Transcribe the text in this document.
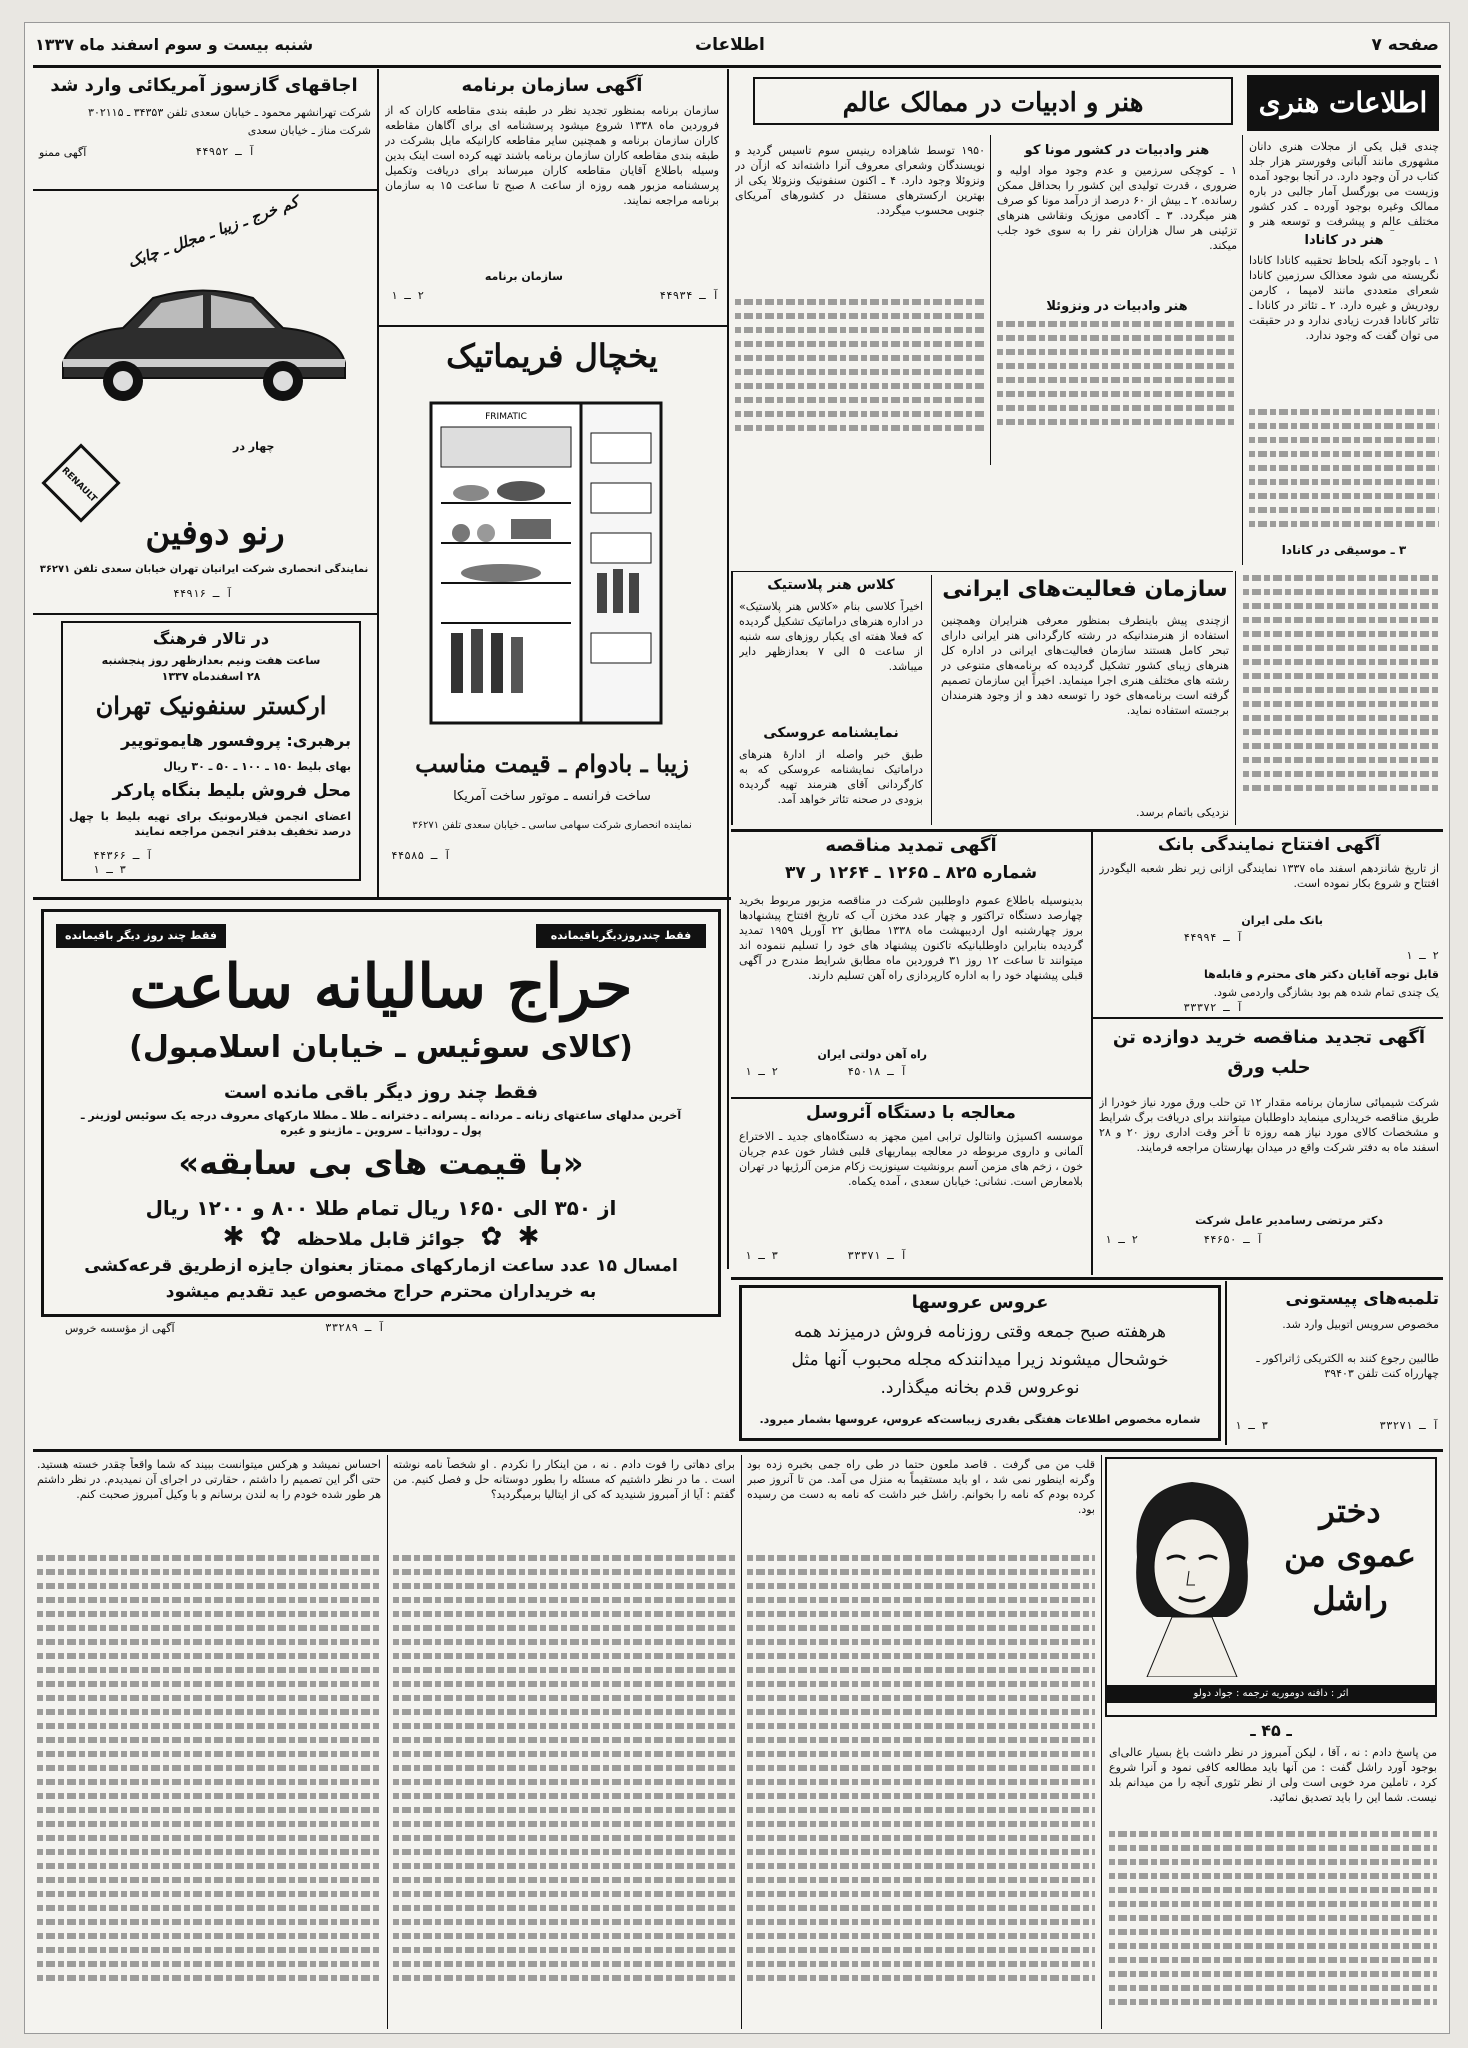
صفحه ۷
اطلاعات
شنبه بیست و سوم اسفند ماه ۱۳۳۷
اطلاعات هنری
هنر و ادبیات در ممالک عالم
چندی قبل یکی از مجلات هنری دانان مشهوری مانند آلبانی وفورستر هزار جلد کتاب در آن وجود دارد. در آنجا بوجود آمده وزیست می بورگسل آمار جالبی در باره ممالک وغیره بوجود آورده ـ کدر کشور مختلف عالم و پیشرفت و توسعه هنر و
هنر در کانادا
۱ ـ باوجود آنکه بلحاظ تحقیبه کانادا کانادا نگریسته می شود معذالک سرزمین کانادا شعرای متعددی مانند لامپما ، کارمن رودریش و غیره دارد. ۲ ـ تئاتر در کانادا ـ تئاتر کانادا قدرت زیادی ندارد و در حقیقت می توان گفت که وجود ندارد.
۳ ـ موسیقی در کانادا
هنر وادبیات در کشور مونا کو
۱ ـ کوچکی سرزمین و عدم وجود مواد اولیه و ضروری ، قدرت تولیدی این کشور را بحداقل ممکن رسانده. ۲ ـ بیش از ۶۰ درصد از درآمد مونا کو صرف هنر میگردد. ۳ ـ آکادمی موزیک ونقاشی هنرهای تزئینی هر سال هزاران نفر را به سوی خود جلب میکند.
هنر وادبیات در ونزوئلا
۱۹۵۰ توسط شاهزاده رینیس سوم تاسیس گردید و نویسندگان وشعرای معروف آنرا داشته‌اند که ازآن در ونزوئلا وجود دارد. ۴ ـ اکنون سنفونیک ونزوئلا یکی از بهترین ارکسترهای مستقل در کشورهای آمریکای جنوبی محسوب میگردد.
سازمان فعالیت‌های ایرانی
ازچندی پیش باینطرف بمنظور معرفی هنرایران وهمچنین استفاده از هنرمندانیکه در رشته کارگردانی هنر ایرانی دارای تبحر کامل هستند سازمان فعالیت‌های ایرانی در اداره کل هنرهای زیبای کشور تشکیل گردیده که برنامه‌های متنوعی در رشته های مختلف هنری اجرا مینماید. اخیراً این سازمان تصمیم گرفته است برنامه‌های خود را توسعه دهد و از وجود هنرمندان برجسته استفاده نماید.
نزدیکی باتمام برسد.
کلاس هنر پلاستیک
اخیراً کلاسی بنام «کلاس هنر پلاستیک» در اداره هنرهای دراماتیک تشکیل گردیده که فعلا هفته ای یکبار روزهای سه شنبه از ساعت ۵ الی ۷ بعدازظهر دایر میباشد.
نمایشنامه عروسکی
طبق خبر واصله از ادارهٔ هنرهای دراماتیک نمایشنامه عروسکی که به کارگردانی آقای هنرمند تهیه گردیده بزودی در صحنه تئاتر خواهد آمد.
آگهی سازمان برنامه
سازمان برنامه بمنظور تجدید نظر در طبقه بندی مقاطعه کاران که از فروردین ماه ۱۳۳۸ شروع میشود پرسشنامه ای برای آگاهان مقاطعه کاران سازمان برنامه و همچنین سایر مقاطعه کارانیکه مایل بشرکت در طبقه بندی مقاطعه کاران سازمان برنامه باشند تهیه کرده است اینک بدین وسیله باطلاع آقایان مقاطعه کاران میرساند برای دریافت وتکمیل پرسشنامه مزبور همه روزه از ساعت ۸ صبح تا ساعت ۱۵ به سازمان برنامه مراجعه نمایند.
سازمان برنامه
آ ـ ۴۴۹۳۴
۲ ـ ۱
یخچال فریماتیک
FRIMATIC
زیبا ـ بادوام ـ قیمت مناسب
ساخت فرانسه ـ موتور ساخت آمریکا
نماینده انحصاری شرکت سهامی ساسی ـ خیابان سعدی تلفن ۳۶۲۷۱
آ ـ ۴۴۵۸۵
اجاقهای گازسوز آمریکائی وارد شد
شرکت تهرانشهر محمود ـ خیابان سعدی تلفن ۳۴۳۵۳ ـ ۳۰۲۱۱۵
شرکت مناز ـ خیابان سعدی
آ ـ ۴۴۹۵۲
آگهی ممنو
کم خرج ـ زیبا ـ مجلل ـ چابک
RENAULT
چهار در
رنو دوفین
نمایندگی انحصاری شرکت ایرانیان تهران خیابان سعدی تلفن ۳۶۲۷۱
آ ـ ۴۴۹۱۶
در تالار فرهنگ
ساعت هفت ونیم بعدازظهر روز پنجشنبه
۲۸ اسفندماه ۱۳۳۷
ارکستر سنفونیک تهران
برهبری: پروفسور هایموتوپیر
بهای بلیط ۱۵۰ ـ ۱۰۰ ـ ۵۰ ـ ۳۰ ریال
محل فروش بلیط بنگاه پارکر
اعضای انجمن فیلارمونیک برای تهیه بلیط با چهل درصد تخفیف بدفتر انجمن مراجعه نمایند
آ ـ ۴۴۳۶۶
۳ ـ ۱
فقط چندروزدیگرباقیمانده
فقط چند روز دیگر باقیمانده
حراج سالیانه ساعت
(کالای سوئیس ـ خیابان اسلامبول)
فقط چند روز دیگر باقی مانده است
آخرین مدلهای ساعتهای زنانه ـ مردانه ـ پسرانه ـ دخترانه ـ طلا ـ مطلا مارکهای معروف درجه یک سوئیس لوزینر ـ پول ـ روداتیا ـ سروین ـ ماژینو و غیره
«با قیمت های بی سابقه»
از ۳۵۰ الی ۱۶۵۰ ریال تمام طلا ۸۰۰ و ۱۲۰۰ ریال
✱   ✿   جوائز قابل ملاحظه   ✿   ✱
امسال ۱۵ عدد ساعت ازمارکهای ممتاز بعنوان جایزه ازطریق قرعه‌کشی
به خریداران محترم حراج مخصوص عید تقدیم میشود
آگهی از مؤسسه خروس	آ ـ ۳۳۲۸۹
آگهی تمدید مناقصه
شماره ۸۲۵ ـ ۱۲۶۵ ـ ۱۲۶۴ ر ۳۷
بدینوسیله باطلاع عموم داوطلبین شرکت در مناقصه مزبور مربوط بخرید چهارصد دستگاه تراکتور و چهار عدد مخزن آب که تاریخ افتتاح پیشنهادها بروز چهارشنبه اول اردیبهشت ماه ۱۳۳۸ مطابق ۲۲ آوریل ۱۹۵۹ تمدید گردیده بنابراین داوطلبانیکه تاکنون پیشنهاد های خود را تسلیم ننموده اند میتوانند تا ساعت ۱۲ روز ۳۱ فروردین ماه مطابق شرایط مندرج در آگهی قبلی پیشنهاد خود را به اداره کارپردازی راه آهن تسلیم دارند.
راه آهن دولتی ایران
آ ـ ۴۵۰۱۸
۲ ـ ۱
آگهی افتتاح نمایندگی بانک
از تاریخ شانزدهم اسفند ماه ۱۳۳۷ نمایندگی ازانی زیر نظر شعبه الیگودرز افتتاح و شروع بکار نموده است.
بانک ملی ایران
آ ـ ۴۴۹۹۴
۲ ـ ۱
قابل توجه آقایان دکتر های محترم و قابله‌ها
یک چندی تمام شده هم بود بشازگی واردمی شود.
آ ـ ۳۳۳۷۲
آگهی تجدید مناقصه خرید دوازده تن حلب ورق
شرکت شیمیائی سازمان برنامه مقدار ۱۲ تن حلب ورق مورد نیاز خودرا از طریق مناقصه خریداری مینماید داوطلبان میتوانند برای دریافت برگ شرایط و مشخصات کالای مورد نیاز همه روزه تا آخر وقت اداری روز ۲۰ و ۲۸ اسفند ماه به دفتر شرکت واقع در میدان بهارستان مراجعه فرمایند.
دکتر مرتضی رسامدیر عامل شرکت
آ ـ ۴۴۶۵۰
۲ ـ ۱
معالجه با دستگاه آئروسل
موسسه اکسیژن وانتالول ترابی امین مجهز به دستگاه‌های جدید ـ الاختراع آلمانی و داروی مربوطه در معالجه بیماریهای قلبی فشار خون عدم جریان خون ، زخم های مزمن آسم برونشیت سینوزیت زکام مزمن آلرژیها در تهران بلامعارض است. نشانی: خیابان سعدی ، آمده یکماه.
آ ـ ۳۳۳۷۱
۳ ـ ۱
عروس عروسها
هرهفته صبح جمعه وقتی روزنامه فروش درمیزند همه
خوشحال میشوند زیرا میدانندکه مجله محبوب آنها مثل
نوعروس قدم بخانه میگذارد.
شماره مخصوص اطلاعات هفتگی بقدری زیباست‌که عروس، عروسها بشمار میرود.
تلمبه‌های پیستونی
مخصوص سرویس اتوبیل وارد شد.
طالبین رجوع کنند به الکتریکی ژاتراکور ـ چهارراه کنت تلفن ۳۹۴۰۳
آ ـ ۳۳۲۷۱
۳ ـ ۱
دختر عموی من راشل
اثر : دافنه دوموریه ترجمه : جواد دولو
ـ ۴۵ ـ
من پاسخ دادم : نه ، آقا ، لیکن آمبروز در نظر داشت باغ بسیار عالی‌ای بوجود آورد راشل گفت : من آنها باید مطالعه کافی نمود و آنرا شروع کرد ، تاملین مرد خوبی است ولی از نظر تئوری آنچه را من میدانم بلد نیست. شما این را باید تصدیق نمائید.
قلب من می گرفت . قاصد ملعون حتما در طی راه جمی بخبره زده بود وگرنه اینطور نمی شد ، او باید مستقیماً به منزل می آمد. من تا آنروز صبر کرده بودم که نامه را بخوانم. راشل خبر داشت که نامه به دست من رسیده بود.
برای دهاتی را فوت دادم . نه ، من اینکار را نکردم . او شخصاً نامه نوشته است . ما در نظر داشتیم که مسئله را بطور دوستانه حل و فصل کنیم. من گفتم : آیا از آمبروز شنیدید که کی از ایتالیا برمیگردید؟
احساس نمیشد و هرکس میتوانست ببیند که شما واقعاً چقدر خسته هستید. حتی اگر این تصمیم را داشتم ، حقارتی در اجرای آن نمیدیدم. در نظر داشتم هر طور شده خودم را به لندن برسانم و با وکیل آمبروز صحبت کنم.
